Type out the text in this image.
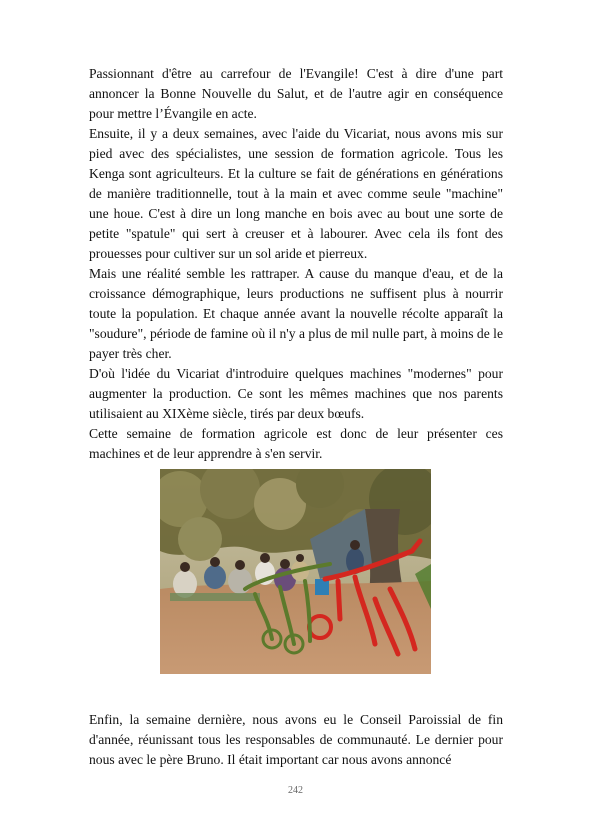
Passionnant d'être au carrefour de l'Evangile! C'est à dire d'une part annoncer la Bonne Nouvelle du Salut, et de l'autre agir en conséquence pour mettre l’Évangile en acte.

Ensuite, il y a deux semaines, avec l'aide du Vicariat, nous avons mis sur pied avec des spécialistes, une session de formation agricole. Tous les Kenga sont agriculteurs. Et la culture se fait de générations en générations de manière traditionnelle, tout à la main et avec comme seule "machine" une houe. C'est à dire un long manche en bois avec au bout une sorte de petite "spatule" qui sert à creuser et à labourer. Avec cela ils font des prouesses pour cultiver sur un sol aride et pierreux.

Mais une réalité semble les rattraper. A cause du manque d'eau, et de la croissance démographique, leurs productions ne suffisent plus à nourrir toute la population. Et chaque année avant la nouvelle récolte apparaît la "soudure", période de famine où il n'y a plus de mil nulle part, à moins de le payer très cher.

D'où l'idée du Vicariat d'introduire quelques machines "modernes" pour augmenter la production. Ce sont les mêmes machines que nos parents utilisaient au XIXème siècle, tirés par deux bœufs.

Cette semaine de formation agricole est donc de leur présenter ces machines et de leur apprendre à s'en servir.

Enfin, la semaine dernière, nous avons eu le Conseil Paroissial de fin d'année, réunissant tous les responsables de communauté. Le dernier pour nous avec le père Bruno. Il était important car nous avons annoncé

242
